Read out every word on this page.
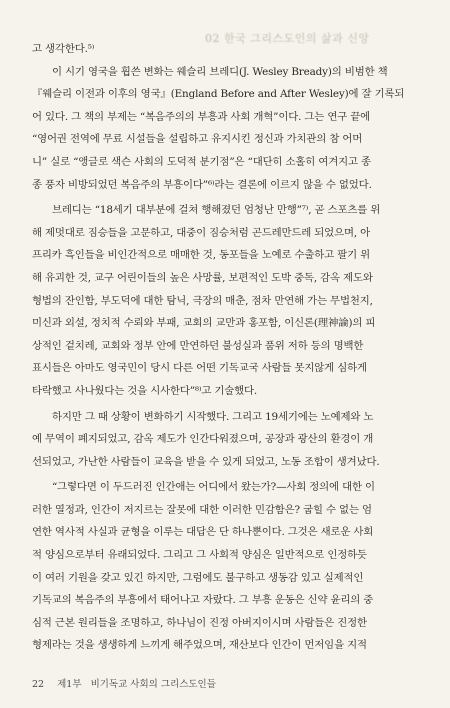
02 한국 그리스도인의 삶과 신앙

고 생각한다.⁵⁾

이 시기 영국을 휩쓴 변화는 웨슬리 브레디(J. Wesley Bready)의 비범한 책
『웨슬리 이전과 이후의 영국』(England Before and After Wesley)에 잘 기록되
어 있다. 그 책의 부제는 “복음주의의 부흥과 사회 개혁”이다. 그는 연구 끝에
“영어권 전역에 무료 시설들을 설립하고 유지시킨 정신과 가치관의 참 어머
니” 실로 “앵글로 색슨 사회의 도덕적 분기점”은 “대단히 소홀히 여겨지고 종
종 풍자 비방되었던 복음주의 부흥이다”⁶⁾라는 결론에 이르지 않을 수 없었다.

브레디는 “18세기 대부분에 걸쳐 행해졌던 엄청난 만행”⁷⁾, 곧 스포츠를 위
해 제멋대로 짐승들을 고문하고, 대중이 짐승처럼 곤드레만드레 되었으며, 아
프리카 흑인들을 비인간적으로 매매한 것, 동포들을 노예로 수출하고 팔기 위
해 유괴한 것, 교구 어린이들의 높은 사망률, 보편적인 도박 중독, 감옥 제도와
형법의 잔인함, 부도덕에 대한 탐닉, 극장의 매춘, 점차 만연해 가는 무법천지,
미신과 외설, 정치적 수뢰와 부패, 교회의 교만과 홍포함, 이신론(理神論)의 피
상적인 겉치레, 교회와 정부 안에 만연하던 불성실과 품위 저하 등의 명백한
표시들은 아마도 영국민이 당시 다른 어떤 기독교국 사람들 못지않게 심하게
타락했고 사나웠다는 것을 시사한다”⁸⁾고 기술했다.

하지만 그 때 상황이 변화하기 시작했다. 그리고 19세기에는 노예제와 노
예 무역이 폐지되었고, 감옥 제도가 인간다워졌으며, 공장과 광산의 환경이 개
선되었고, 가난한 사람들이 교육을 받을 수 있게 되었고, 노동 조합이 생겨났다.

“그렇다면 이 두드러진 인간애는 어디에서 왔는가?—사회 정의에 대한 이
러한 열정과, 인간이 저지르는 잘못에 대한 이러한 민감함은? 굽힐 수 없는 엄
연한 역사적 사실과 균형을 이루는 대답은 단 하나뿐이다. 그것은 새로운 사회
적 양심으로부터 유래되었다. 그리고 그 사회적 양심은 일반적으로 인정하듯
이 여러 기원을 갖고 있긴 하지만, 그럼에도 불구하고 생동감 있고 실제적인
기독교의 복음주의 부흥에서 태어나고 자랐다. 그 부흥 운동은 신약 윤리의 중
심적 근본 원리들을 조명하고, 하나님이 진정 아버지이시며 사람들은 진정한
형제라는 것을 생생하게 느끼게 해주었으며, 재산보다 인간이 먼저임을 지적

22 제1부 비기독교 사회의 그리스도인들
